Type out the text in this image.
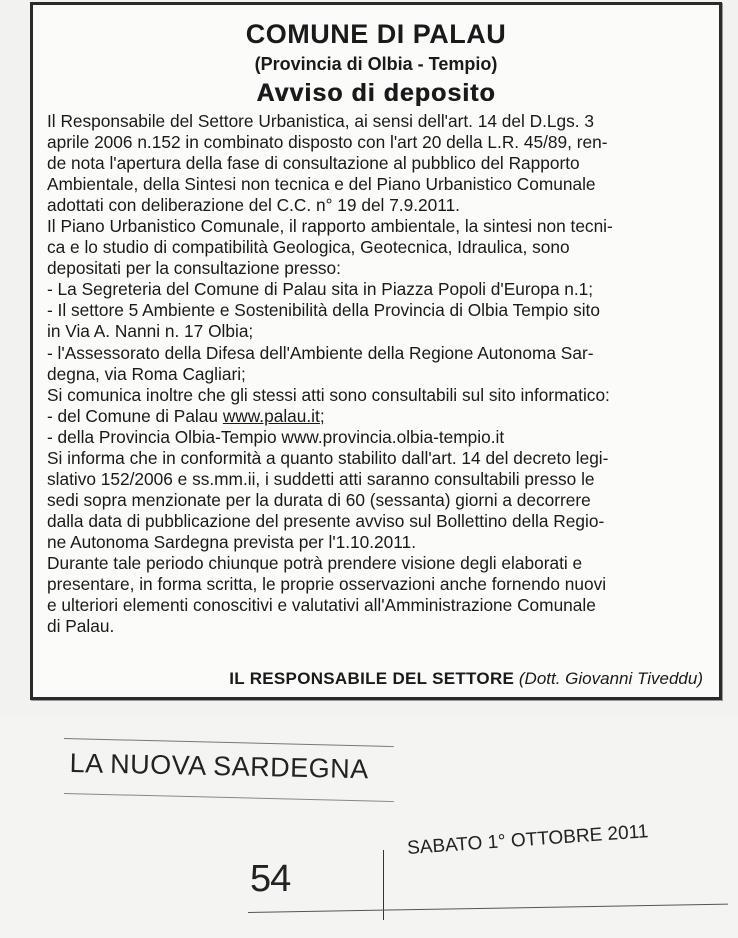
COMUNE DI PALAU
(Provincia di Olbia - Tempio)
Avviso di deposito
Il Responsabile del Settore Urbanistica, ai sensi dell'art. 14 del D.Lgs. 3
aprile 2006 n.152 in combinato disposto con l'art 20 della L.R. 45/89, ren-
de nota l'apertura della fase di consultazione al pubblico del Rapporto
Ambientale, della Sintesi non tecnica e del Piano Urbanistico Comunale
adottati con deliberazione del C.C. n° 19 del 7.9.2011.
Il Piano Urbanistico Comunale, il rapporto ambientale, la sintesi non tecni-
ca e lo studio di compatibilità Geologica, Geotecnica, Idraulica, sono
depositati per la consultazione presso:
- La Segreteria del Comune di Palau sita in Piazza Popoli d'Europa n.1;
- Il settore 5 Ambiente e Sostenibilità della Provincia di Olbia Tempio sito
in Via A. Nanni n. 17 Olbia;
- l'Assessorato della Difesa dell'Ambiente della Regione Autonoma Sar-
degna, via Roma Cagliari;
Si comunica inoltre che gli stessi atti sono consultabili sul sito informatico:
- del Comune di Palau www.palau.it;
- della Provincia Olbia-Tempio www.provincia.olbia-tempio.it
Si informa che in conformità a quanto stabilito dall'art. 14 del decreto legi-
slativo 152/2006 e ss.mm.ii, i suddetti atti saranno consultabili presso le
sedi sopra menzionate per la durata di 60 (sessanta) giorni a decorrere
dalla data di pubblicazione del presente avviso sul Bollettino della Regio-
ne Autonoma Sardegna prevista per l'1.10.2011.
Durante tale periodo chiunque potrà prendere visione degli elaborati e
presentare, in forma scritta, le proprie osservazioni anche fornendo nuovi
e ulteriori elementi conoscitivi e valutativi all'Amministrazione Comunale
di Palau.
IL RESPONSABILE DEL SETTORE (Dott. Giovanni Tiveddu)
LA NUOVA SARDEGNA
54
SABATO 1° OTTOBRE 2011
